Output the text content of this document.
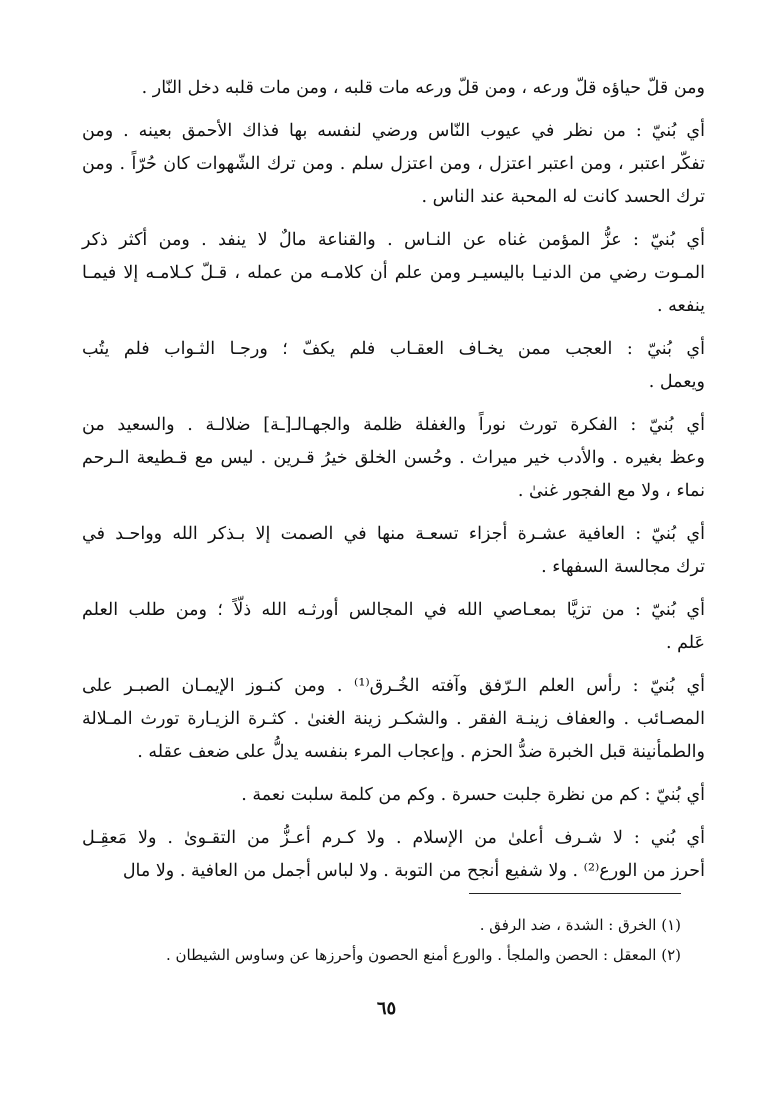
ومن قلّ حياؤه قلّ ورعه ، ومن قلّ ورعه مات قلبه ، ومن مات قلبه دخل النّار .
أي بُنيّ : من نظر في عيوب النّاس ورضي لنفسه بها فذاك الأحمق بعينه . ومن
تفكّر اعتبر ، ومن اعتبر اعتزل ، ومن اعتزل سلم . ومن ترك الشّهوات كان حُرّاً . ومن
ترك الحسد كانت له المحبة عند الناس .
أي بُنيّ : عزُّ المؤمن غناه عن النـاس . والقناعة مالٌ لا ينفد . ومن أكثر ذكر
المـوت رضي من الدنيـا باليسيـر ومن علم أن كلامـه من عمله ، قـلّ كـلامـه إلا فيمـا
ينفعه .
أي بُنيّ : العجب ممن يخـاف العقـاب فلم يكفّ ؛ ورجـا الثـواب فلم يتُب
ويعمل .
أي بُنيّ : الفكرة تورث نوراً والغفلة ظلمة والجهـالـ[ـة] ضلالـة . والسعيد من
وعظ بغيره . والأدب خير ميراث . وحُسن الخلق خيرُ قـرين . ليس مع قـطيعة الـرحم
نماء ، ولا مع الفجور غنىٰ .
أي بُنيّ : العافية عشـرة أجزاء تسعـة منها في الصمت إلا بـذكر الله وواحـد في
ترك مجالسة السفهاء .
أي بُنيّ : من تزيَّا بمعـاصي الله في المجالس أورثـه الله ذلّاً ؛ ومن طلب العلم
عَلم .
أي بُنيّ : رأس العلم الـرّفق وآفته الخُـرق⁽¹⁾ . ومن كنـوز الإيمـان الصبـر على
المصـائب . والعفاف زينـة الفقر . والشكـر زينة الغنىٰ . كثـرة الزيـارة تورث المـلالة
والطمأنينة قبل الخبرة ضدُّ الحزم . وإعجاب المرء بنفسه يدلُّ على ضعف عقله .
أي بُنيّ : كم من نظرة جلبت حسرة . وكم من كلمة سلبت نعمة .
أي بُني : لا شـرف أعلىٰ من الإسلام . ولا كـرم أعـزُّ من التقـوىٰ . ولا مَعقِـل
أحرز من الورع⁽²⁾ . ولا شفيع أنجح من التوبة . ولا لباس أجمل من العافية . ولا مال
(١) الخرق : الشدة ، ضد الرفق .
(٢) المعقل : الحصن والملجأ . والورع أمنع الحصون وأحرزها عن وساوس الشيطان .
٦٥
